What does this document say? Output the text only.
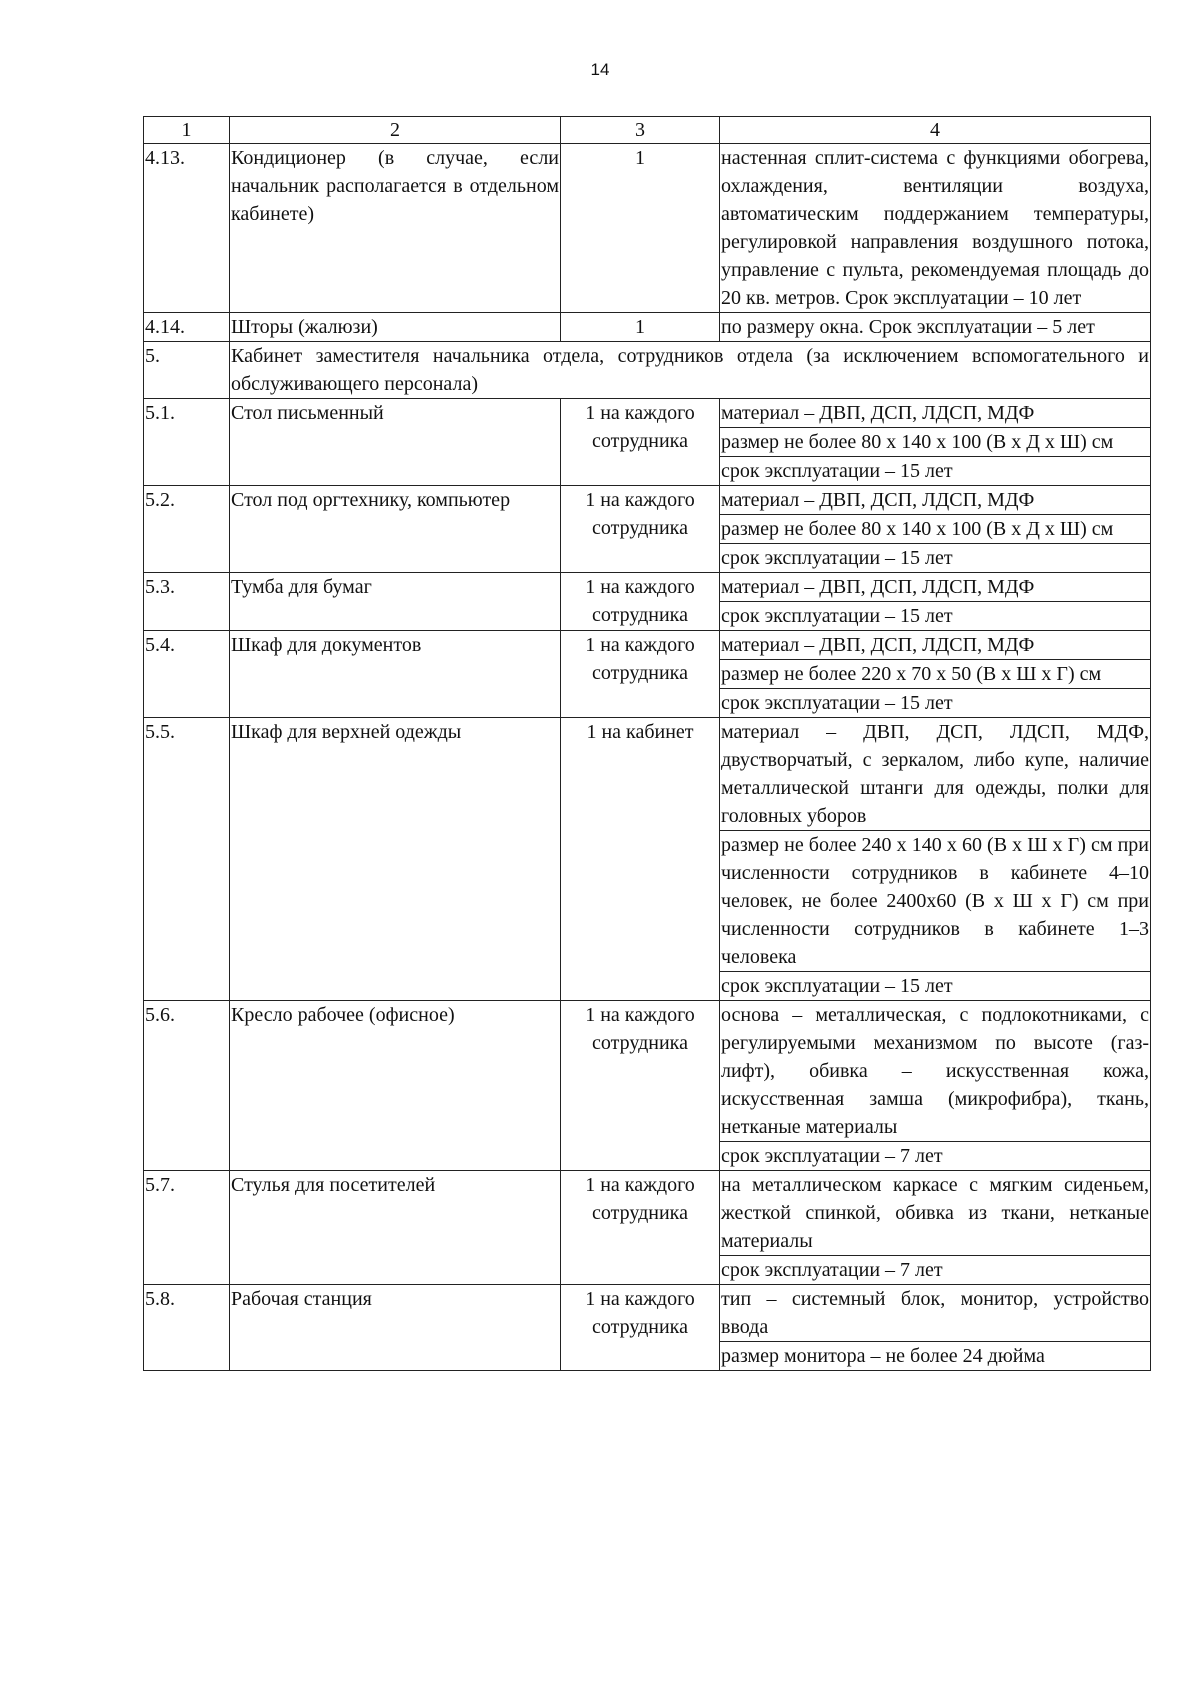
14
1	2	3	4
4.13.	Кондиционер (в случае, если начальник располагается в отдельном кабинете)	1	настенная сплит-система с функциями обогрева, охлаждения, вентиляции воздуха, автоматическим поддержанием температуры, регулировкой направления воздушного потока, управление с пульта, рекомендуемая площадь до 20 кв. метров. Срок эксплуатации – 10 лет
4.14.	Шторы (жалюзи)	1	по размеру окна. Срок эксплуатации – 5 лет
5.	Кабинет заместителя начальника отдела, сотрудников отдела (за исключением вспомогательного и обслуживающего персонала)		
5.1.	Стол письменный	1 на каждого сотрудника	материал – ДВП, ДСП, ЛДСП, МДФ
			размер не более 80 х 140 х 100 (В х Д х Ш) см
			срок эксплуатации – 15 лет
5.2.	Стол под оргтехнику, компьютер	1 на каждого сотрудника	материал – ДВП, ДСП, ЛДСП, МДФ
			размер не более 80 х 140 х 100 (В х Д х Ш) см
			срок эксплуатации – 15 лет
5.3.	Тумба для бумаг	1 на каждого сотрудника	материал – ДВП, ДСП, ЛДСП, МДФ
			срок эксплуатации – 15 лет
5.4.	Шкаф для документов	1 на каждого сотрудника	материал – ДВП, ДСП, ЛДСП, МДФ
			размер не более 220 х 70 х 50 (В х Ш х Г) см
			срок эксплуатации – 15 лет
5.5.	Шкаф для верхней одежды	1 на кабинет	материал – ДВП, ДСП, ЛДСП, МДФ, двустворчатый, с зеркалом, либо купе, наличие металлической штанги для одежды, полки для головных уборов
			размер не более 240 х 140 х 60 (В х Ш х Г) см при численности сотрудников в кабинете 4–10 человек, не более 2400х60 (В х Ш х Г) см при численности сотрудников в кабинете 1–3 человека
			срок эксплуатации – 15 лет
5.6.	Кресло рабочее (офисное)	1 на каждого сотрудника	основа – металлическая, с подлокотниками, с регулируемыми механизмом по высоте (газ-лифт), обивка – искусственная кожа, искусственная замша (микрофибра), ткань, нетканые материалы
			срок эксплуатации – 7 лет
5.7.	Стулья для посетителей	1 на каждого сотрудника	на металлическом каркасе с мягким сиденьем, жесткой спинкой, обивка из ткани, нетканые материалы
			срок эксплуатации – 7 лет
5.8.	Рабочая станция	1 на каждого сотрудника	тип – системный блок, монитор, устройство ввода
			размер монитора – не более 24 дюйма
